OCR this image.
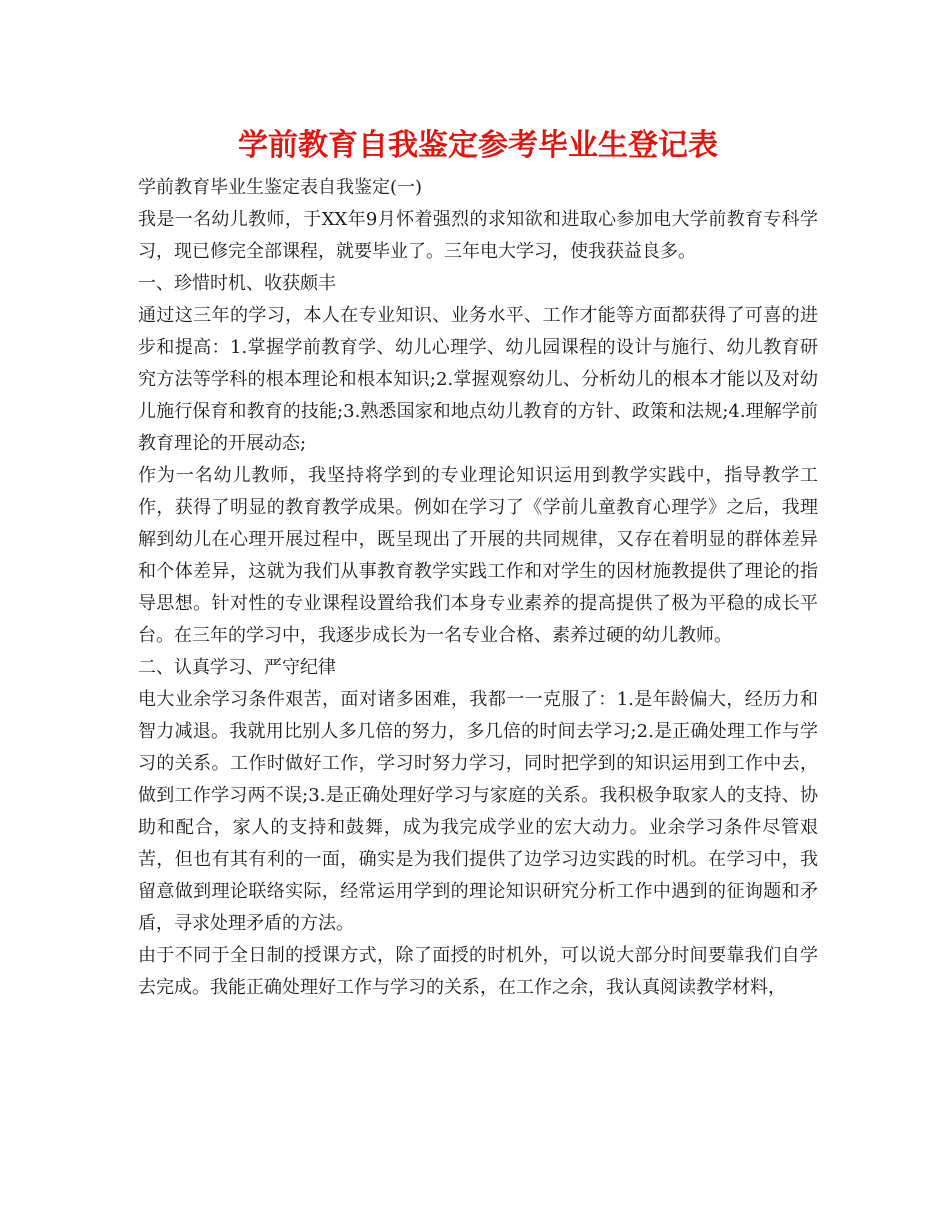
学前教育自我鉴定参考毕业生登记表

学前教育毕业生鉴定表自我鉴定(一)

我是一名幼儿教师，于XX年9月怀着强烈的求知欲和进取心参加电大学前教育专科学习，现已修完全部课程，就要毕业了。三年电大学习，使我获益良多。

一、珍惜时机、收获颇丰

通过这三年的学习，本人在专业知识、业务水平、工作才能等方面都获得了可喜的进步和提高：1.掌握学前教育学、幼儿心理学、幼儿园课程的设计与施行、幼儿教育研究方法等学科的根本理论和根本知识;2.掌握观察幼儿、分析幼儿的根本才能以及对幼儿施行保育和教育的技能;3.熟悉国家和地点幼儿教育的方针、政策和法规;4.理解学前教育理论的开展动态;

作为一名幼儿教师，我坚持将学到的专业理论知识运用到教学实践中，指导教学工作，获得了明显的教育教学成果。例如在学习了《学前儿童教育心理学》之后，我理解到幼儿在心理开展过程中，既呈现出了开展的共同规律，又存在着明显的群体差异和个体差异，这就为我们从事教育教学实践工作和对学生的因材施教提供了理论的指导思想。针对性的专业课程设置给我们本身专业素养的提高提供了极为平稳的成长平台。在三年的学习中，我逐步成长为一名专业合格、素养过硬的幼儿教师。

二、认真学习、严守纪律

电大业余学习条件艰苦，面对诸多困难，我都一一克服了：1.是年龄偏大，经历力和智力减退。我就用比别人多几倍的努力，多几倍的时间去学习;2.是正确处理工作与学习的关系。工作时做好工作，学习时努力学习，同时把学到的知识运用到工作中去，做到工作学习两不误;3.是正确处理好学习与家庭的关系。我积极争取家人的支持、协助和配合，家人的支持和鼓舞，成为我完成学业的宏大动力。业余学习条件尽管艰苦，但也有其有利的一面，确实是为我们提供了边学习边实践的时机。在学习中，我留意做到理论联络实际，经常运用学到的理论知识研究分析工作中遇到的征询题和矛盾，寻求处理矛盾的方法。

由于不同于全日制的授课方式，除了面授的时机外，可以说大部分时间要靠我们自学去完成。我能正确处理好工作与学习的关系，在工作之余，我认真阅读教学材料，
